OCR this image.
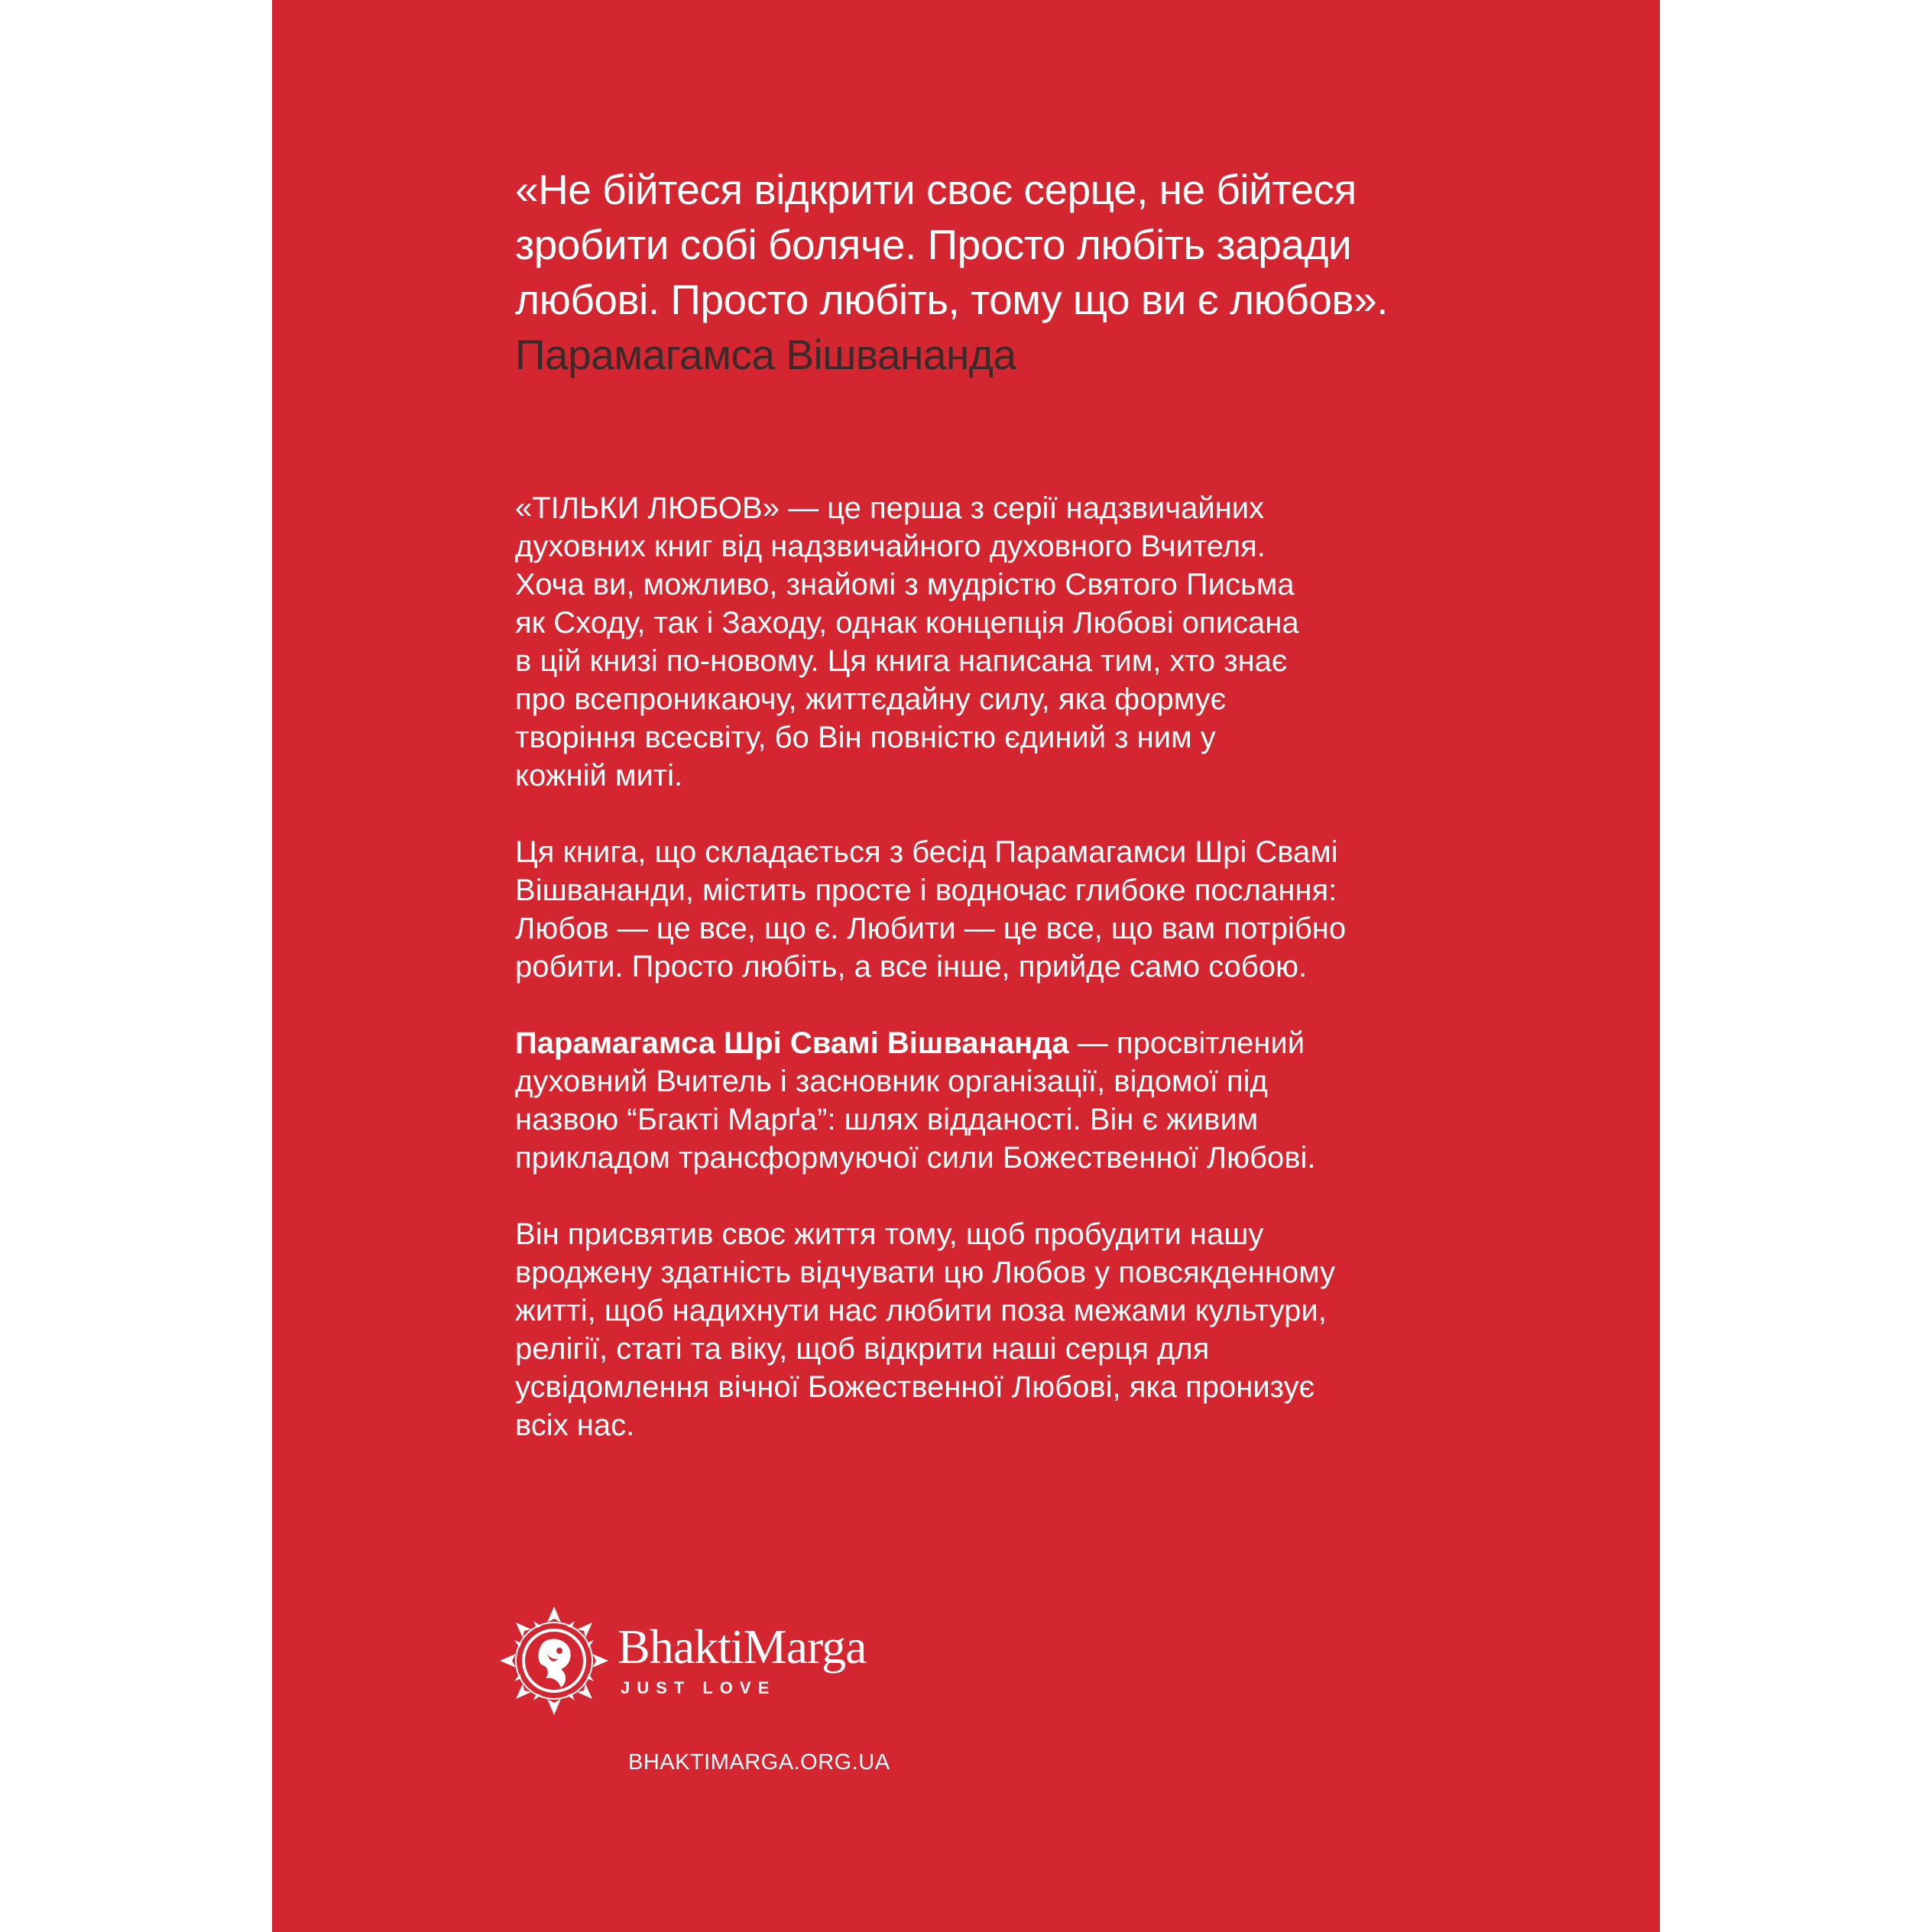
«Не бійтеся відкрити своє серце, не бійтеся
зробити собі боляче. Просто любіть заради
любові. Просто любіть, тому що ви є любов».
Парамагамса Вішвананда

«ТІЛЬКИ ЛЮБОВ» — це перша з серії надзвичайних
духовних книг від надзвичайного духовного Вчителя.
Хоча ви, можливо, знайомі з мудрістю Святого Письма
як Сходу, так і Заходу, однак концепція Любові описана
в цій книзі по-новому. Ця книга написана тим, хто знає
про всепроникаючу, життєдайну силу, яка формує
творіння всесвіту, бо Він повністю єдиний з ним у
кожній миті.

Ця книга, що складається з бесід Парамагамси Шрі Свамі
Вішвананди, містить просте і водночас глибоке послання:
Любов — це все, що є. Любити — це все, що вам потрібно
робити. Просто любіть, а все інше, прийде само собою.

Парамагамса Шрі Свамі Вішвананда — просвітлений
духовний Вчитель і засновник організації, відомої під
назвою “Бгакті Марґа”: шлях відданості. Він є живим
прикладом трансформуючої сили Божественної Любові.

Він присвятив своє життя тому, щоб пробудити нашу
вроджену здатність відчувати цю Любов у повсякденному
житті, щоб надихнути нас любити поза межами культури,
релігії, статі та віку, щоб відкрити наші серця для
усвідомлення вічної Божественної Любові, яка пронизує
всіх нас.

BhaktiMarga
JUST LOVE
BHAKTIMARGA.ORG.UA
